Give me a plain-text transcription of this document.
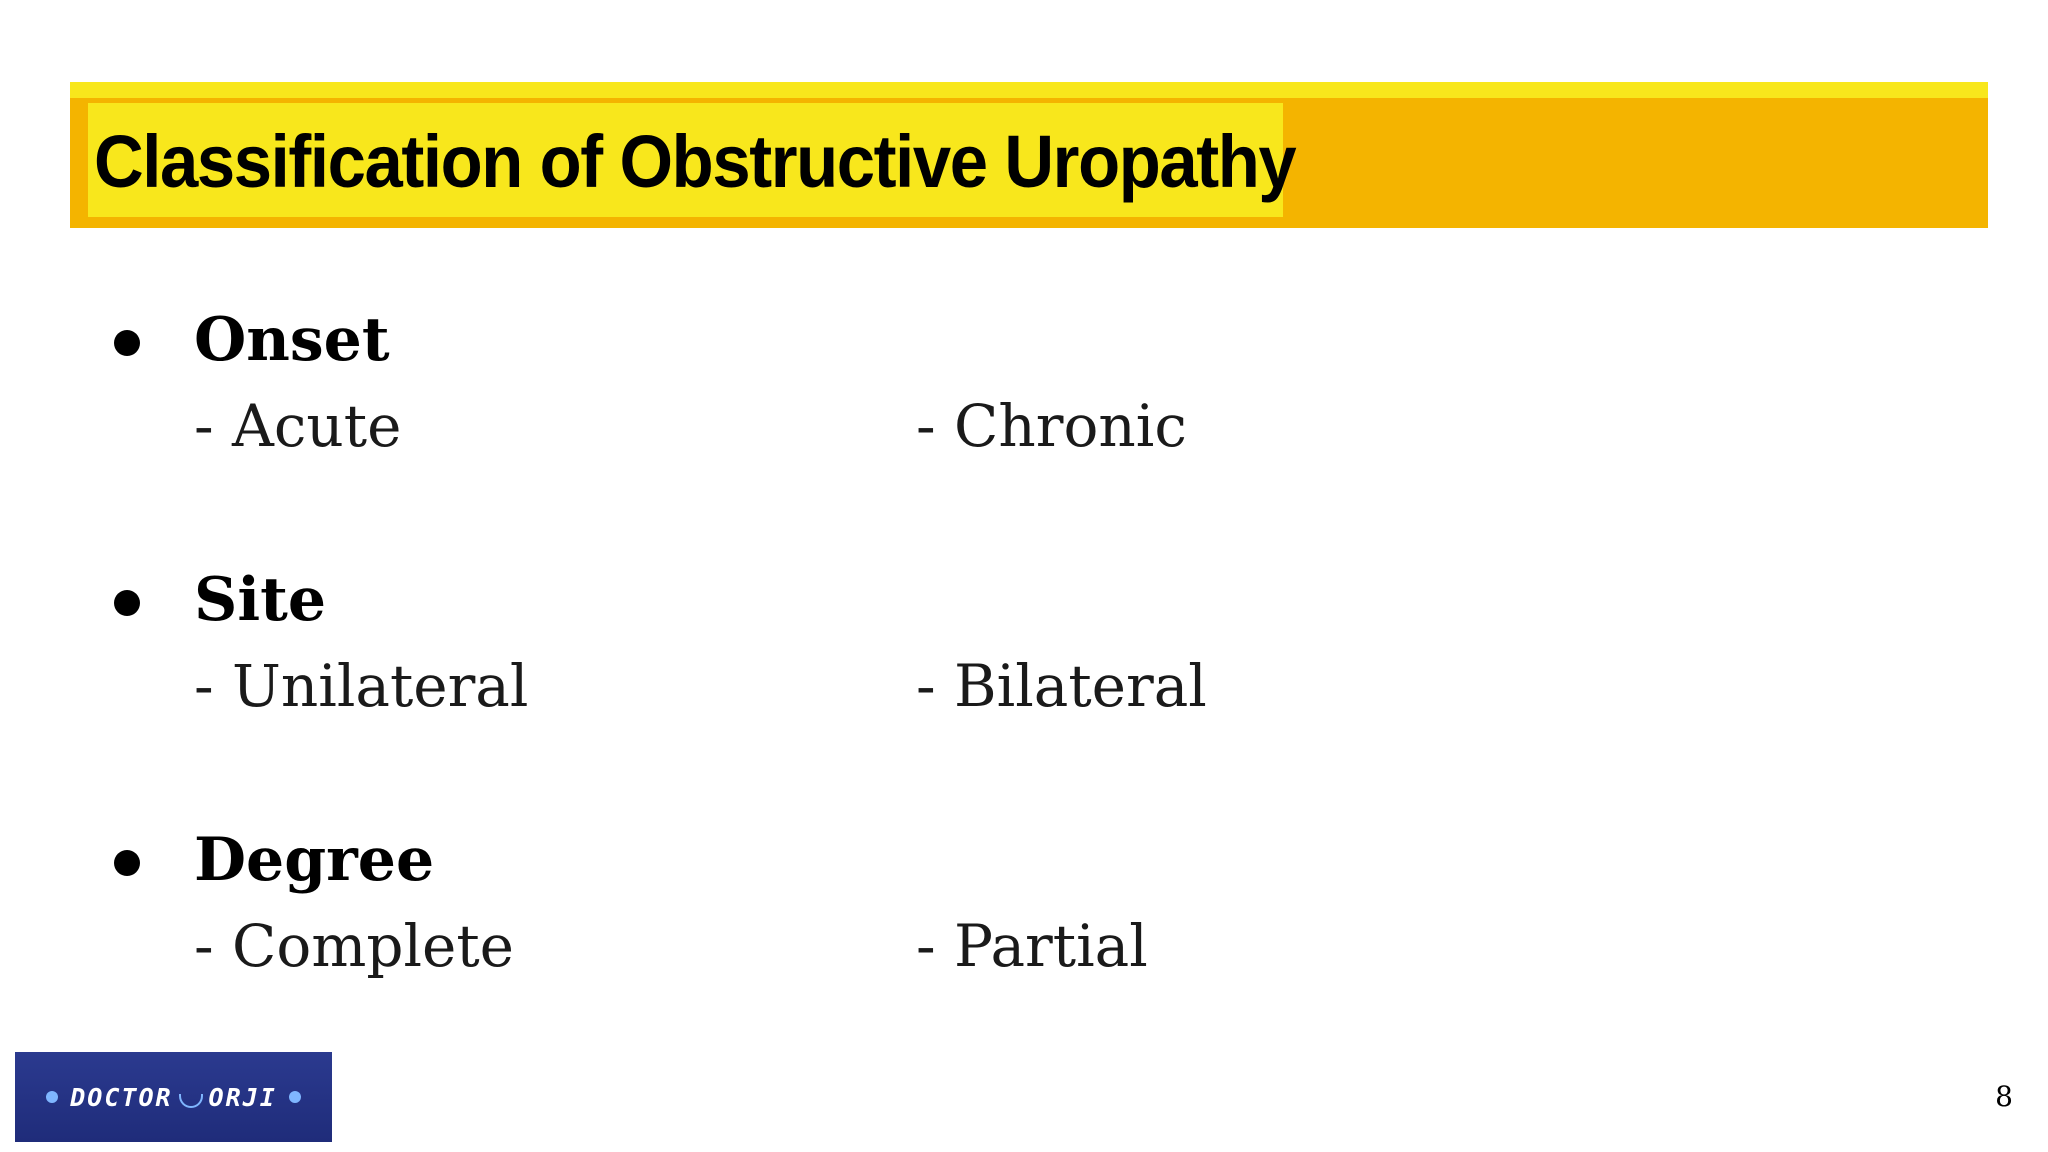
Classification of Obstructive Uropathy
Onset
- Acute	- Chronic
Site
- Unilateral	- Bilateral
Degree
- Complete	- Partial
DOCTOR ORJI	8
